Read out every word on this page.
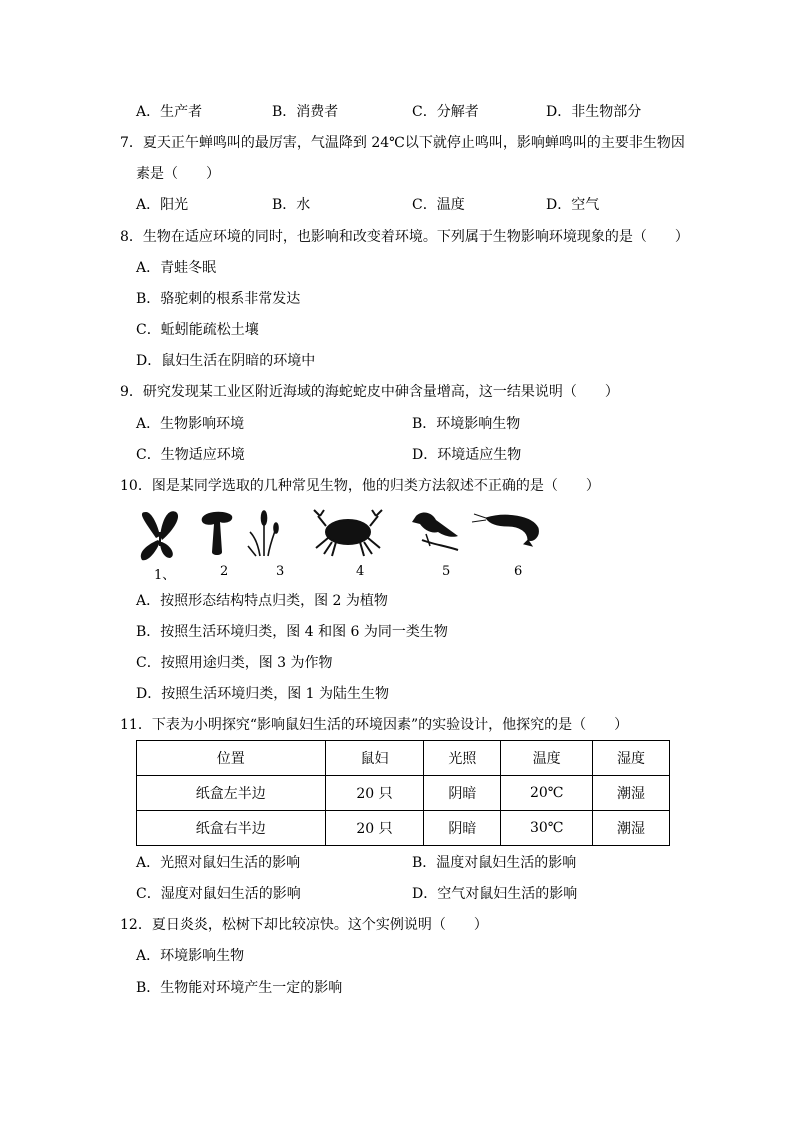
A．生产者	B．消费者	C．分解者	D．非生物部分
7．夏天正午蝉鸣叫的最厉害，气温降到 24℃以下就停止鸣叫，影响蝉鸣叫的主要非生物因
素是（　　）
A．阳光	B．水	C．温度	D．空气
8．生物在适应环境的同时，也影响和改变着环境。下列属于生物影响环境现象的是（　　）
A．青蛙冬眠
B．骆驼刺的根系非常发达
C．蚯蚓能疏松土壤
D．鼠妇生活在阴暗的环境中
9．研究发现某工业区附近海域的海蛇蛇皮中砷含量增高，这一结果说明（　　）
A．生物影响环境	B．环境影响生物
C．生物适应环境	D．环境适应生物
10．图是某同学选取的几种常见生物，他的归类方法叙述不正确的是（　　）
1、	2	3	4	5	6
A．按照形态结构特点归类，图 2 为植物
B．按照生活环境归类，图 4 和图 6 为同一类生物
C．按照用途归类，图 3 为作物
D．按照生活环境归类，图 1 为陆生生物
11．下表为小明探究“影响鼠妇生活的环境因素”的实验设计，他探究的是（　　）
位置	鼠妇	光照	温度	湿度
纸盒左半边	20 只	阴暗	20℃	潮湿
纸盒右半边	20 只	阴暗	30℃	潮湿
A．光照对鼠妇生活的影响	B．温度对鼠妇生活的影响
C．湿度对鼠妇生活的影响	D．空气对鼠妇生活的影响
12．夏日炎炎，松树下却比较凉快。这个实例说明（　　）
A．环境影响生物
B．生物能对环境产生一定的影响
